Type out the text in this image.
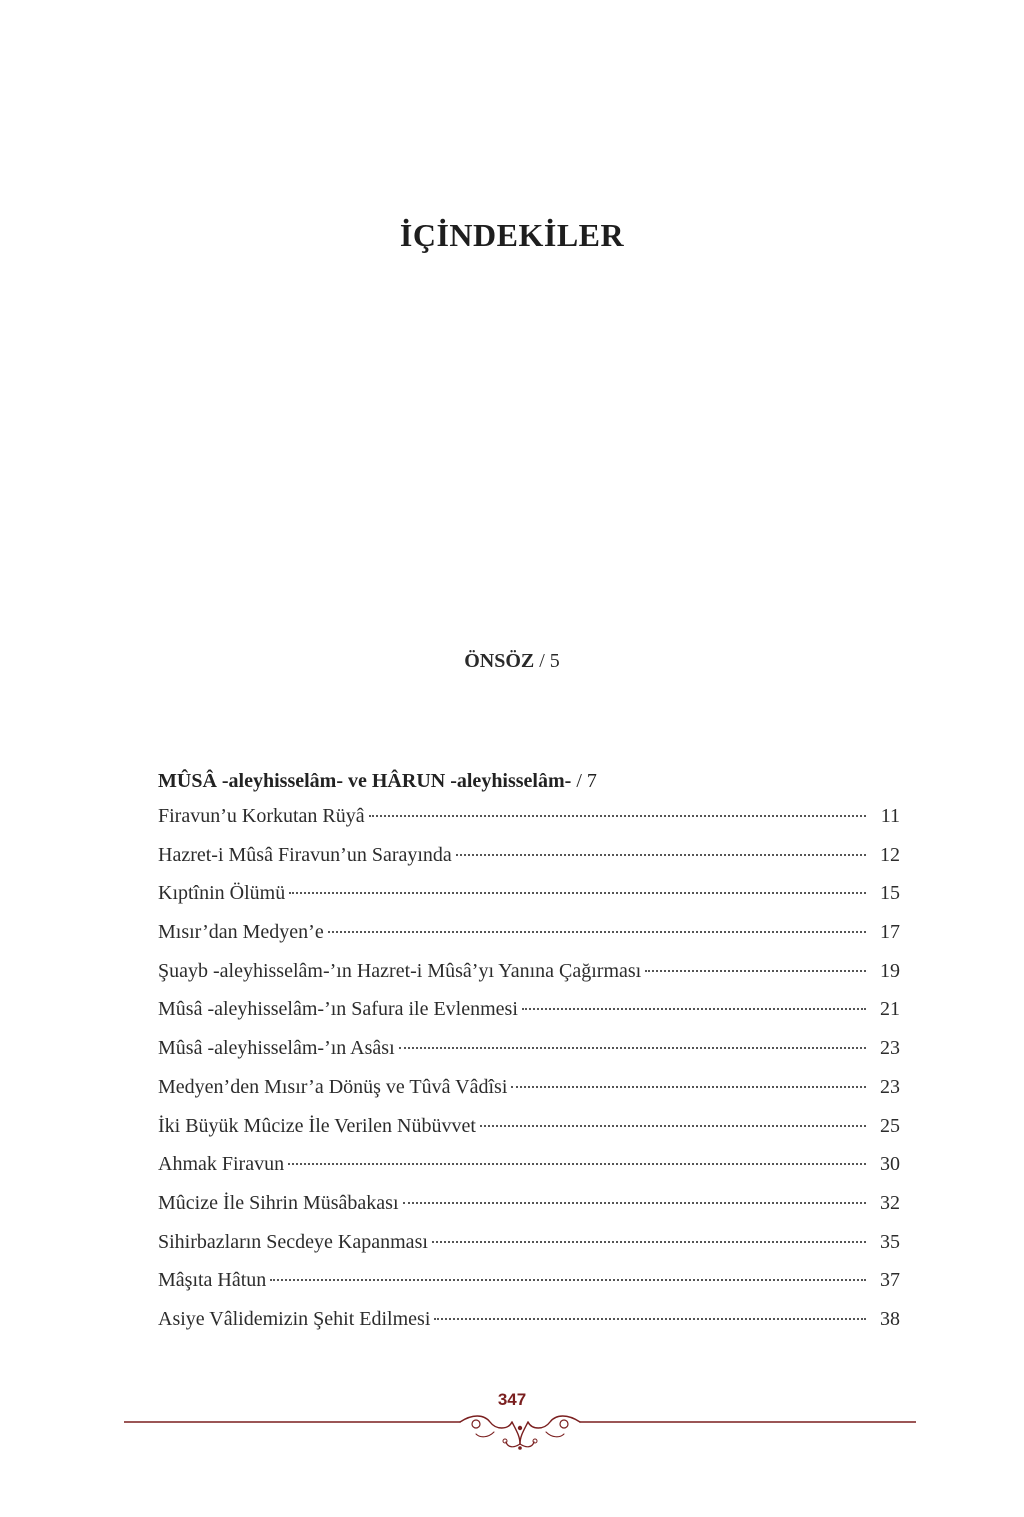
İÇİNDEKİLER
ÖNSÖZ / 5
MÛSÂ -aleyhisselâm- ve HÂRUN -aleyhisselâm- / 7
Firavun’u Korkutan Rüyâ	11
Hazret-i Mûsâ Firavun’un Sarayında	12
Kıptînin Ölümü	15
Mısır’dan Medyen’e	17
Şuayb -aleyhisselâm-’ın Hazret-i Mûsâ’yı Yanına Çağırması	19
Mûsâ -aleyhisselâm-’ın Safura ile Evlenmesi	21
Mûsâ -aleyhisselâm-’ın Asâsı	23
Medyen’den Mısır’a Dönüş ve Tûvâ Vâdîsi	23
İki Büyük Mûcize İle Verilen Nübüvvet	25
Ahmak Firavun	30
Mûcize İle Sihrin Müsâbakası	32
Sihirbazların Secdeye Kapanması	35
Mâşıta Hâtun	37
Asiye Vâlidemizin Şehit Edilmesi	38
347
